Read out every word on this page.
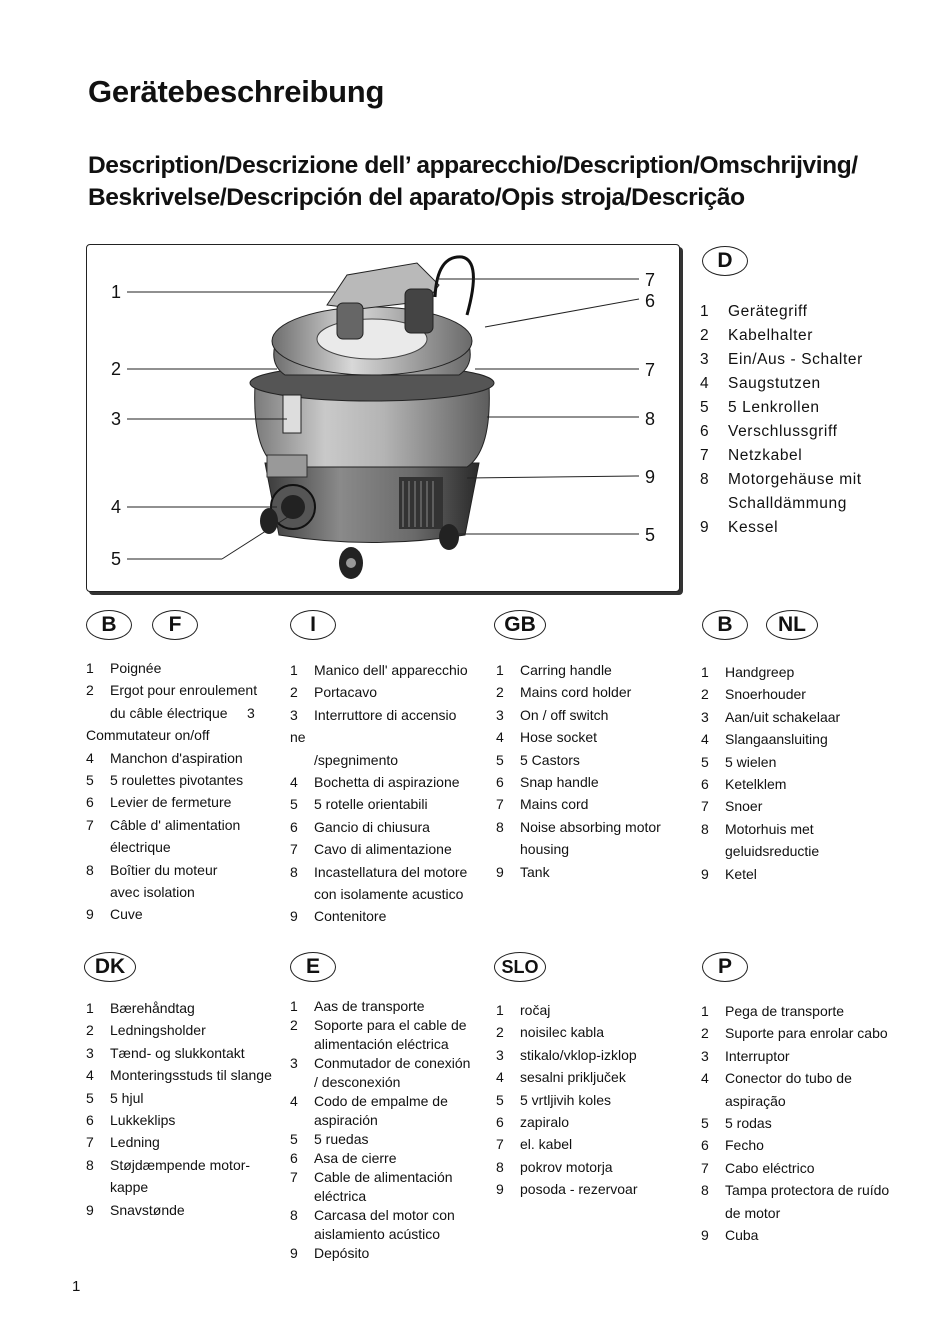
Gerätebeschreibung
Description/Descrizione dell’ apparecchio/Description/Omschrijving/
Beskrivelse/Descripción del aparato/Opis stroja/Descrição
1
2
3
4
5
7
6
7
8
9
5
D
1 Gerätegriff
2 Kabelhalter
3 Ein/Aus - Schalter
4 Saugstutzen
5 5 Lenkrollen
6 Verschlussgriff
7 Netzkabel
8 Motorgehäuse mit
Schalldämmung
9 Kessel
B	F	I	GB	B	NL
1 Poignée
2 Ergot pour enroulement
du câble électrique     3
Commutateur on/off
4 Manchon d'aspiration
5 5 roulettes pivotantes
6 Levier de fermeture
7 Câble d' alimentation
électrique
8 Boîtier du moteur
avec isolation
9 Cuve
1 Manico dell' apparecchio
2 Portacavo
3 Interruttore di accensio
ne
/spegnimento
4 Bochetta di aspirazione
5 5 rotelle orientabili
6 Gancio di chiusura
7 Cavo di alimentazione
8 Incastellatura del motore
con isolamente acustico
9 Contenitore
1 Carring handle
2 Mains cord holder
3 On / off switch
4 Hose socket
5 5 Castors
6 Snap handle
7 Mains cord
8 Noise absorbing motor
housing
9 Tank
1 Handgreep
2 Snoerhouder
3 Aan/uit schakelaar
4 Slangaansluiting
5 5 wielen
6 Ketelklem
7 Snoer
8 Motorhuis met
geluidsreductie
9 Ketel
DK	E	SLO	P
1 Bærehåndtag
2 Ledningsholder
3 Tænd- og slukkontakt
4 Monteringsstuds til slange
5 5 hjul
6 Lukkeklips
7 Ledning
8 Støjdæmpende motor-
kappe
9 Snavstønde
1 Aas de transporte
2 Soporte para el cable de
alimentación eléctrica
3 Conmutador de conexión
/ desconexión
4 Codo de empalme de
aspiración
5 5 ruedas
6 Asa de cierre
7 Cable de alimentación
eléctrica
8 Carcasa del motor con
aislamiento acústico
9 Depósito
1 ročaj
2 noisilec kabla
3 stikalo/vklop-izklop
4 sesalni priključek
5 5 vrtljivih koles
6 zapiralo
7 el. kabel
8 pokrov motorja
9 posoda - rezervoar
1 Pega de transporte
2 Suporte para enrolar cabo
3 Interruptor
4 Conector do tubo de
aspiração
5 5 rodas
6 Fecho
7 Cabo eléctrico
8 Tampa protectora de ruído
de motor
9 Cuba
1
